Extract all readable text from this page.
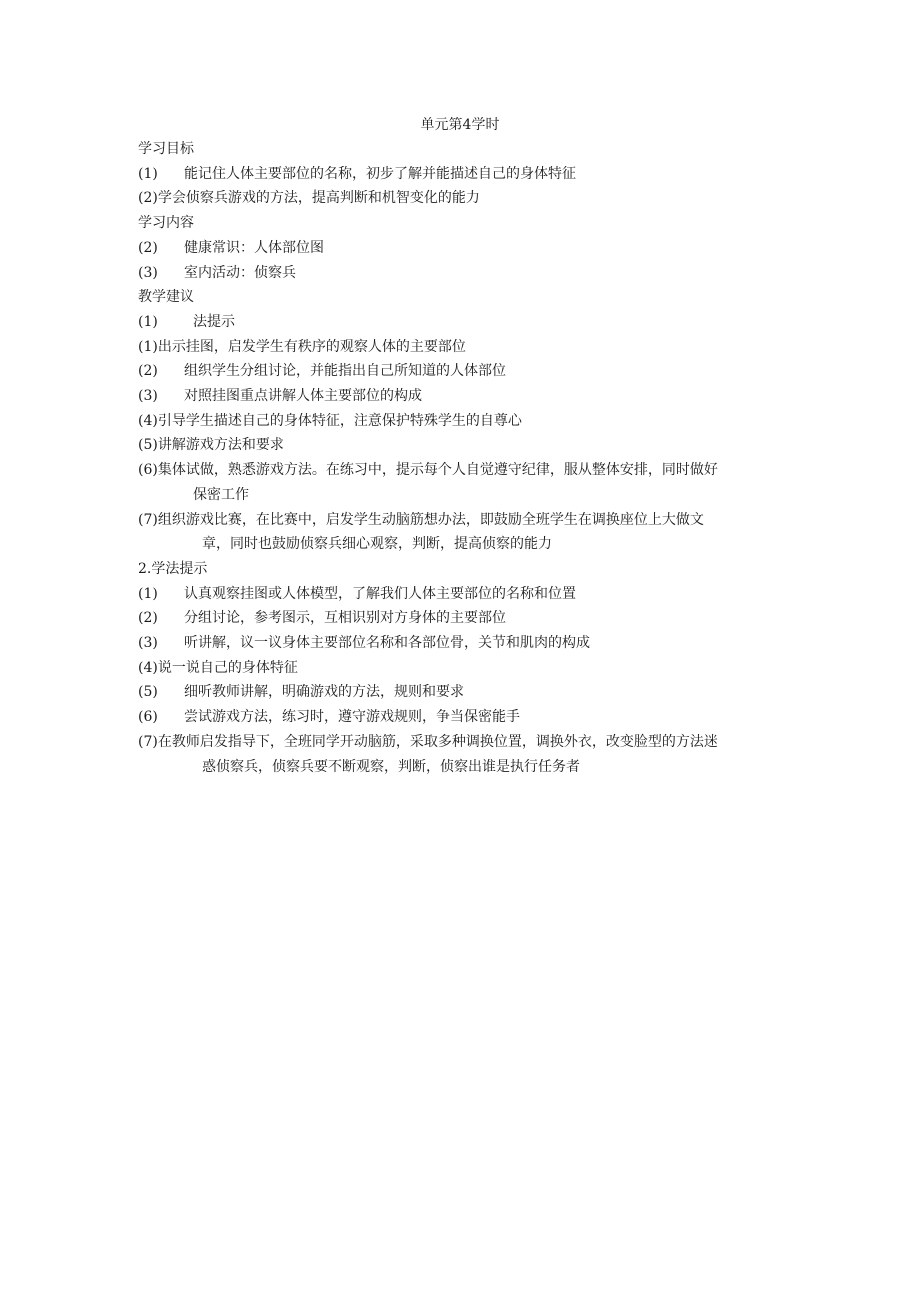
单元第4学时
学习目标
(1)	能记住人体主要部位的名称，初步了解并能描述自己的身体特征
(2) 学会侦察兵游戏的方法，提高判断和机智变化的能力
学习内容
(2)	健康常识：人体部位图
(3)	室内活动：侦察兵
教学建议
(1)	法提示
(1) 出示挂图，启发学生有秩序的观察人体的主要部位
(2)	组织学生分组讨论，并能指出自己所知道的人体部位
(3)	对照挂图重点讲解人体主要部位的构成
(4) 引导学生描述自己的身体特征，注意保护特殊学生的自尊心
(5) 讲解游戏方法和要求
(6) 集体试做，熟悉游戏方法。在练习中，提示每个人自觉遵守纪律，服从整体安排，同时做好
保密工作
(7) 组织游戏比赛，在比赛中，启发学生动脑筋想办法，即鼓励全班学生在调换座位上大做文
章，同时也鼓励侦察兵细心观察，判断，提高侦察的能力
2.学法提示
(1)	认真观察挂图或人体模型，了解我们人体主要部位的名称和位置
(2)	分组讨论，参考图示，互相识别对方身体的主要部位
(3)	听讲解，议一议身体主要部位名称和各部位骨，关节和肌肉的构成
(4) 说一说自己的身体特征
(5)	细听教师讲解，明确游戏的方法，规则和要求
(6)	尝试游戏方法，练习时，遵守游戏规则，争当保密能手
(7) 在教师启发指导下，全班同学开动脑筋，采取多种调换位置，调换外衣，改变脸型的方法迷
惑侦察兵，侦察兵要不断观察，判断，侦察出谁是执行任务者
